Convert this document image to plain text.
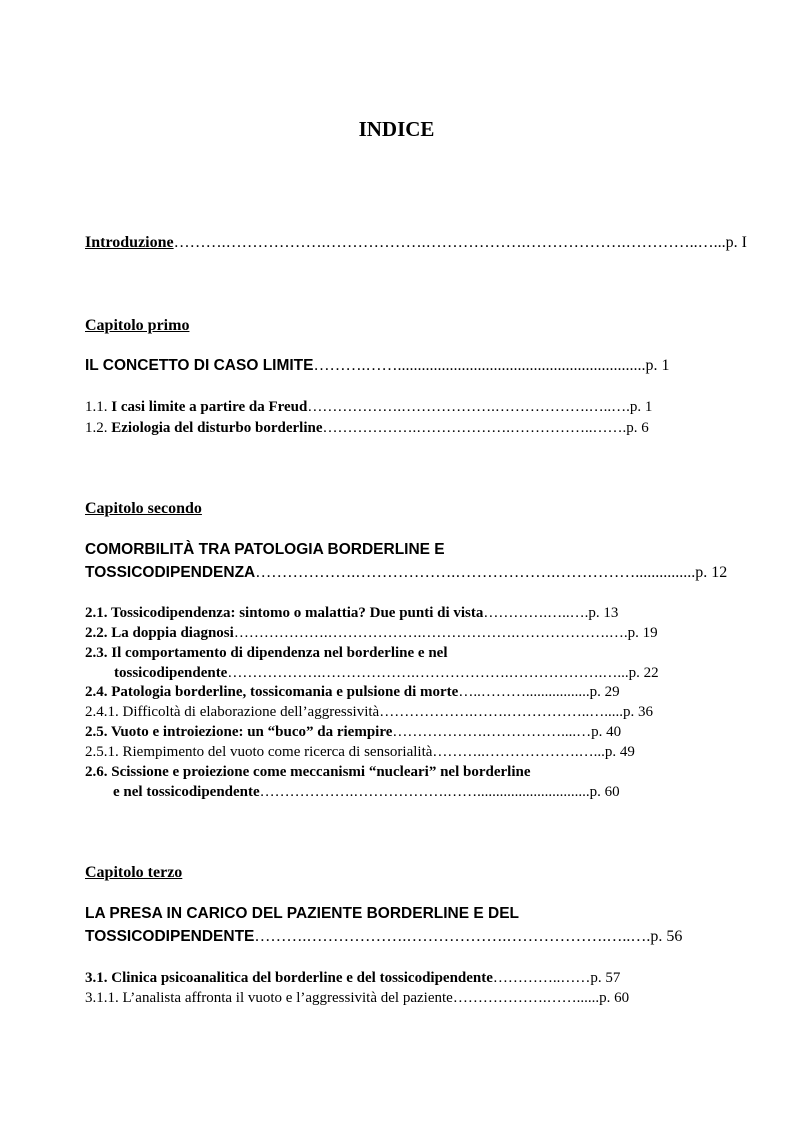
INDICE
Introduzione……….……………….……………….……………….……………….…………..…...p. I
Capitolo primo
IL CONCETTO DI CASO LIMITE……….……..............................................................p. 1
1.1. I casi limite a partire da Freud……………….……………….……………….…..….p. 1
1.2. Eziologia del disturbo borderline……………….……………….……………..…….p. 6
Capitolo secondo
COMORBILITÀ TRA PATOLOGIA BORDERLINE E
TOSSICODIPENDENZA……………….……………….……………….……………...............p. 12
2.1. Tossicodipendenza: sintomo o malattia? Due punti di vista………….…..….p. 13
2.2. La doppia diagnosi……………….……………….……………….……………….….p. 19
2.3. Il comportamento di dipendenza nel borderline e nel
tossicodipendente……………….……………….……………….……………….…...p. 22
2.4. Patologia borderline, tossicomania e pulsione di morte…..……….................p. 29
2.4.1. Difficoltà di elaborazione dell’aggressività……………….…….……………..….....p. 36
2.5. Vuoto e introiezione: un “buco” da riempire……………….……………....…p. 40
2.5.1. Riempimento del vuoto come ricerca di sensorialità………..……………….…...p. 49
2.6. Scissione e proiezione come meccanismi “nucleari” nel borderline
e nel tossicodipendente……………….……………….……..............................p. 60
Capitolo terzo
LA PRESA IN CARICO DEL PAZIENTE BORDERLINE E DEL
TOSSICODIPENDENTE……….……………….……………….……………….…..….p. 56
3.1. Clinica psicoanalitica del borderline e del tossicodipendente…………..……p. 57
3.1.1. L’analista affronta il vuoto e l’aggressività del paziente……………….……......p. 60
